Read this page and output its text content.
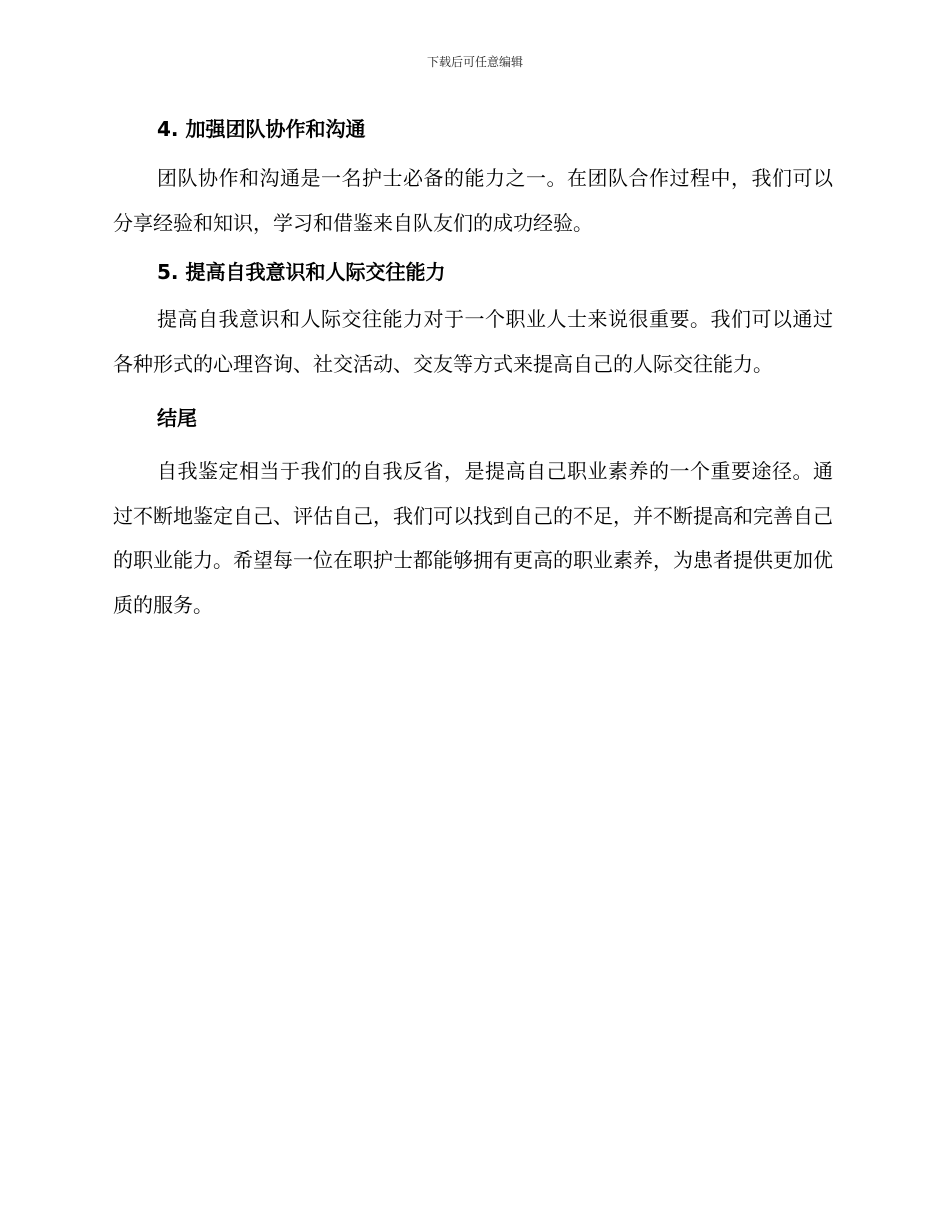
下载后可任意编辑
4. 加强团队协作和沟通

团队协作和沟通是一名护士必备的能力之一。在团队合作过程中，我们可以分享经验和知识，学习和借鉴来自队友们的成功经验。

5. 提高自我意识和人际交往能力

提高自我意识和人际交往能力对于一个职业人士来说很重要。我们可以通过各种形式的心理咨询、社交活动、交友等方式来提高自己的人际交往能力。

结尾

自我鉴定相当于我们的自我反省，是提高自己职业素养的一个重要途径。通过不断地鉴定自己、评估自己，我们可以找到自己的不足，并不断提高和完善自己的职业能力。希望每一位在职护士都能够拥有更高的职业素养，为患者提供更加优质的服务。
